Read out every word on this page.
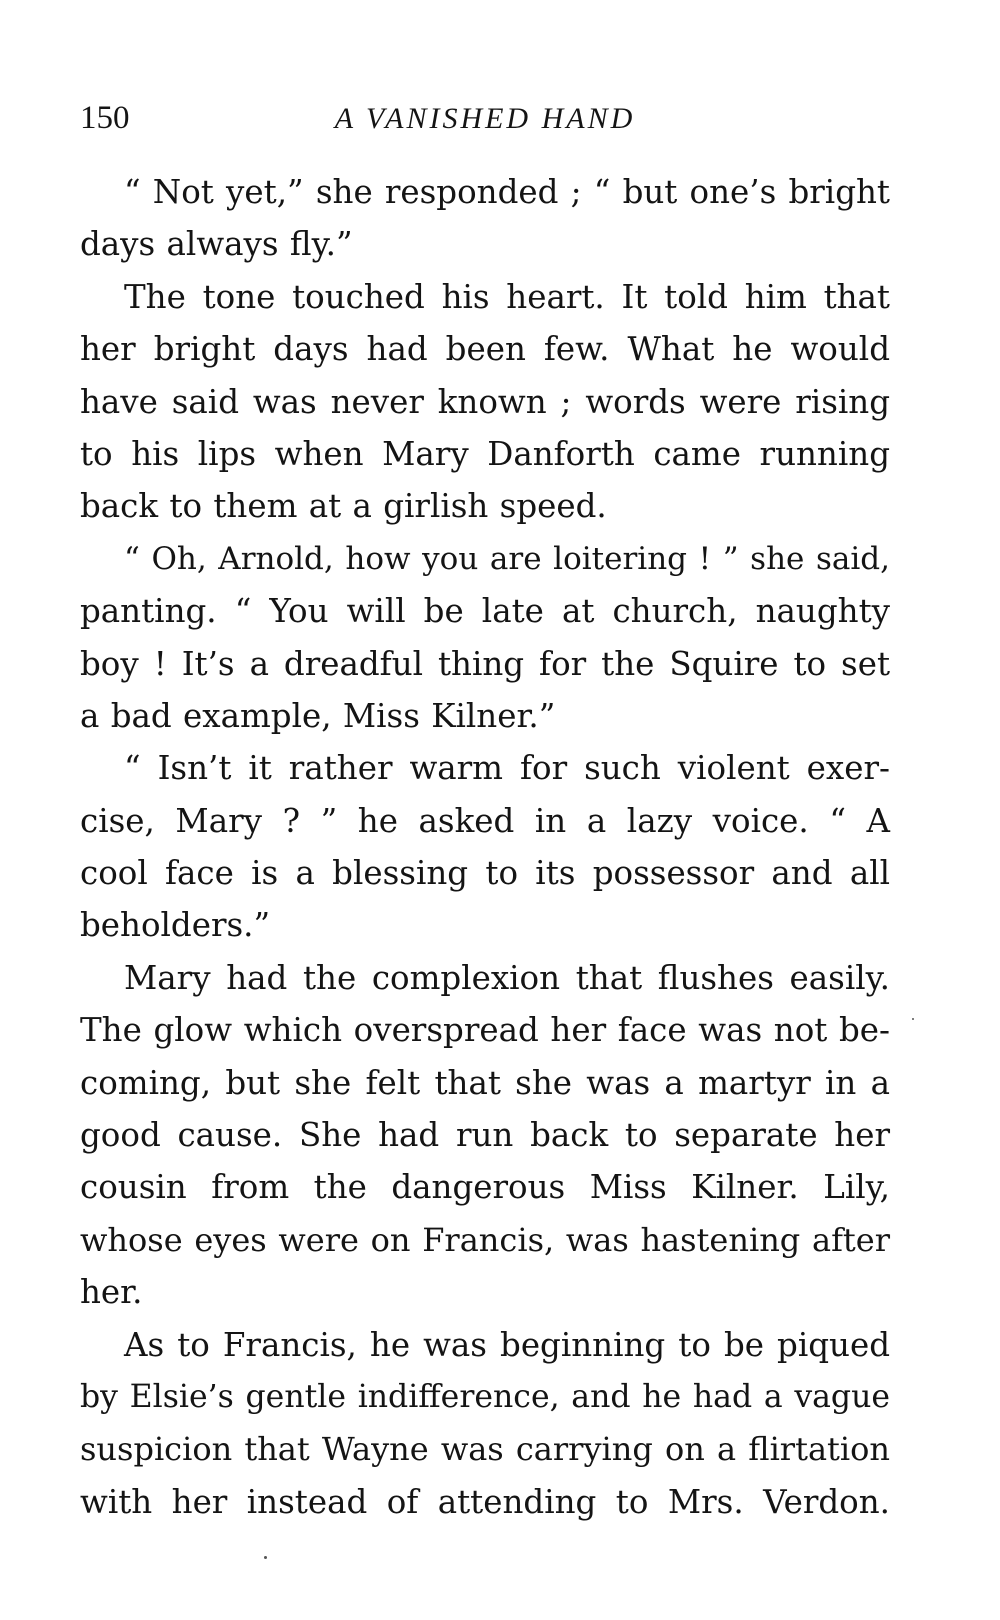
150	A VANISHED HAND
“ Not yet,” she responded ; “ but one’s bright
days always fly.”
The tone touched his heart. It told him that
her bright days had been few. What he would
have said was never known ; words were rising
to his lips when Mary Danforth came running
back to them at a girlish speed.
“ Oh, Arnold, how you are loitering ! ” she said,
panting. “ You will be late at church, naughty
boy ! It’s a dreadful thing for the Squire to set
a bad example, Miss Kilner.”
“ Isn’t it rather warm for such violent exer-
cise, Mary ? ” he asked in a lazy voice. “ A
cool face is a blessing to its possessor and all
beholders.”
Mary had the complexion that flushes easily.
The glow which overspread her face was not be-
coming, but she felt that she was a martyr in a
good cause. She had run back to separate her
cousin from the dangerous Miss Kilner. Lily,
whose eyes were on Francis, was hastening after
her.
As to Francis, he was beginning to be piqued
by Elsie’s gentle indifference, and he had a vague
suspicion that Wayne was carrying on a flirtation
with her instead of attending to Mrs. Verdon.
